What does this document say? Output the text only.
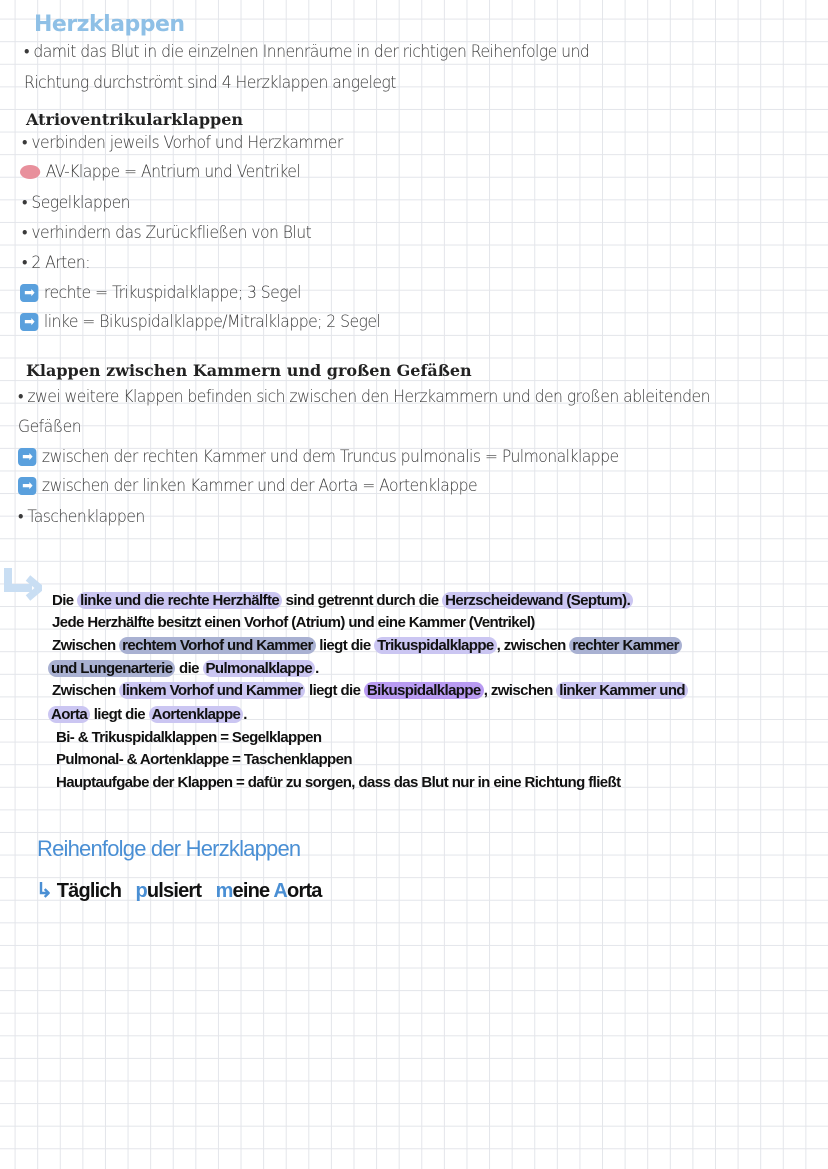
Herzklappen
• damit das Blut in die einzelnen Innenräume in der richtigen Reihenfolge und
Richtung durchströmt sind 4 Herzklappen angelegt
Atrioventrikularklappen
• verbinden jeweils Vorhof und Herzkammer
AV-Klappe = Antrium und Ventrikel
• Segelklappen
• verhindern das Zurückfließen von Blut
• 2 Arten:
➡ rechte = Trikuspidalklappe; 3 Segel
➡ linke = Bikuspidalklappe/Mitralklappe; 2 Segel
Klappen zwischen Kammern und großen Gefäßen
• zwei weitere Klappen befinden sich zwischen den Herzkammern und den großen ableitenden
Gefäßen
➡ zwischen der rechten Kammer und dem Truncus pulmonalis = Pulmonalklappe
➡ zwischen der linken Kammer und der Aorta = Aortenklappe
• Taschenklappen
Die linke und die rechte Herzhälfte sind getrennt durch die Herzscheidewand (Septum).
Jede Herzhälfte besitzt einen Vorhof (Atrium) und eine Kammer (Ventrikel)
Zwischen rechtem Vorhof und Kammer liegt die Trikuspidalklappe , zwischen rechter Kammer
und Lungenarterie die Pulmonalklappe .
Zwischen linkem Vorhof und Kammer liegt die Bikuspidalklappe , zwischen linker Kammer und
Aorta liegt die Aortenklappe .
Bi- & Trikuspidalklappen = Segelklappen
Pulmonal- & Aortenklappe = Taschenklappen
Hauptaufgabe der Klappen = dafür zu sorgen, dass das Blut nur in eine Richtung fließt
Reihenfolge der Herzklappen
↳ Täglich pulsiert meine Aorta
